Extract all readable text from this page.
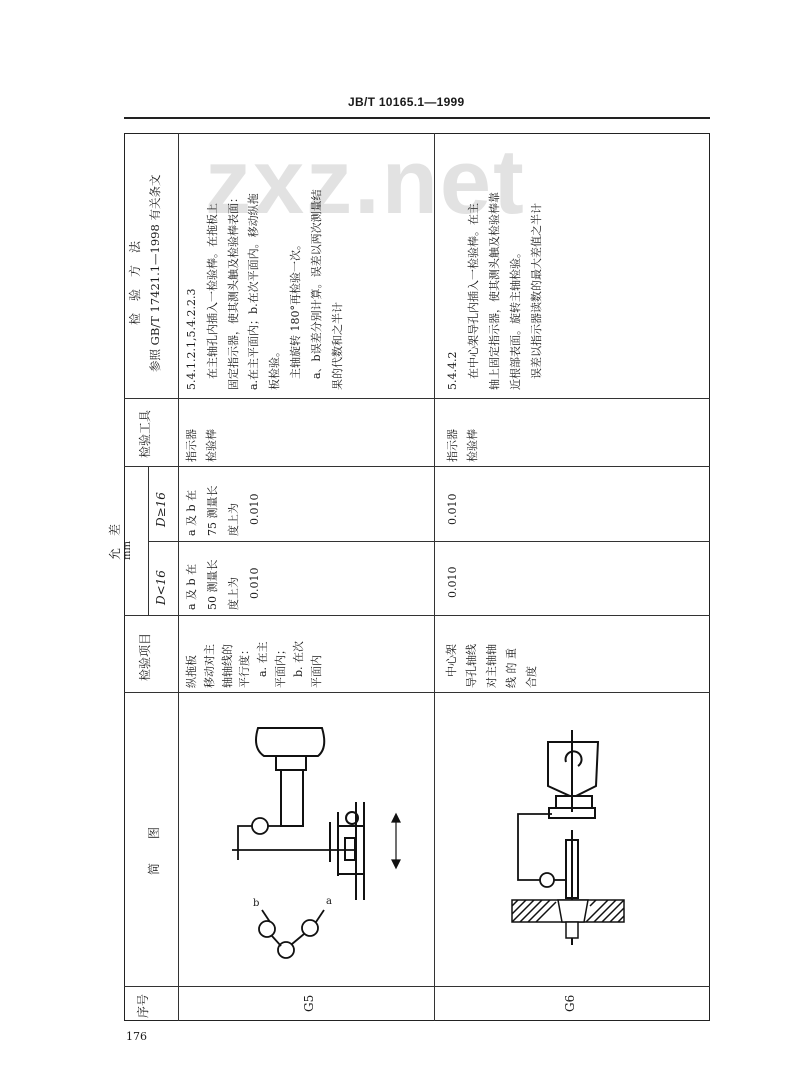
JB/T 10165.1—1999
176
zxz.net
序号
简　　图
检验项目
允　差 mm
D<16
D≥16
检验工具
检　验　方　法 参照 GB/T 17421.1—1998 有关条文
G5
纵拖板 移动对主 轴轴线的 平行度： 　a. 在主 平面内； 　b. 在次 平面内
a 及 b 在 50 测量长 度上为 　0.010
a 及 b 在 75 测量长 度上为 　0.010
指示器 检验棒
5.4.1.2.1,5.4.2.2.3 　在主轴孔内插入一检验棒。在拖板上 固定指示器，使其测头触及检验棒表面： a.在主平面内；b.在次平面内。移动纵拖 板检验。 　主轴旋转 180°再检验一次。 　a、b误差分别计算。误差以两次测量结 果的代数和之半计
G6
　中心架 导孔轴线 对主轴轴 线 的 重 合度
0.010
0.010
指示器 检验棒
5.4.4.2 　在中心架导孔内插入一检验棒。在主 轴上固定指示器，使其测头触及检验棒靠 近根部表面。旋转主轴检验。 　误差以指示器读数的最大差值之半计
b	a
